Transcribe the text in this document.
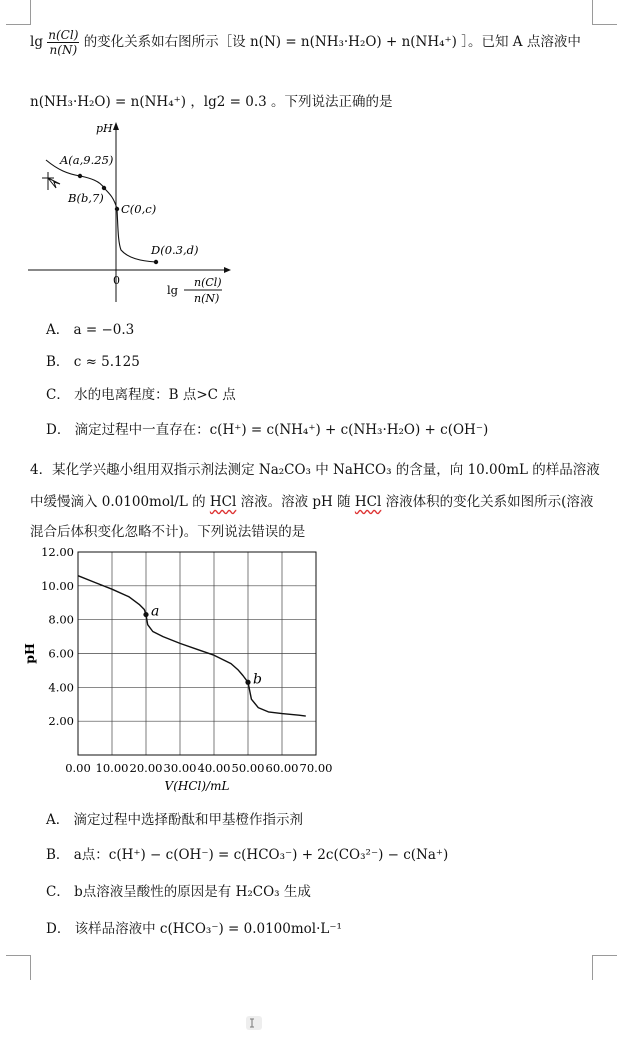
$\lg \frac{n(Cl)}{n(N)}$ 的变化关系如右图所示［设 n(N) = n(NH₃·H₂O) + n(NH₄⁺) ］。已知 A 点溶液中
n(NH₃·H₂O) = n(NH₄⁺) ，lg2 = 0.3 。下列说法正确的是
pH
0
A(a,9.25)
B(b,7)
C(0,c)
D(0.3,d)
lg
n(Cl)
n(N)
A． a = −0.3
B． c ≈ 5.125
C． 水的电离程度：B 点>C 点
D． 滴定过程中一直存在：c(H⁺) = c(NH₄⁺) + c(NH₃·H₂O) + c(OH⁻)
4．某化学兴趣小组用双指示剂法测定 Na₂CO₃ 中 NaHCO₃ 的含量，向 10.00mL 的样品溶液
中缓慢滴入 0.0100mol/L 的 HCl 溶液。溶液 pH 随 HCl 溶液体积的变化关系如图所示(溶液
混合后体积变化忽略不计)。下列说法错误的是
0.00 10.00 20.00 30.00 40.00 50.00 60.00 70.00
2.00
4.00
6.00
8.00
10.00
12.00
V(HCl)/mL
pH
a
b
A． 滴定过程中选择酚酞和甲基橙作指示剂
B． a点：c(H⁺) − c(OH⁻) = c(HCO₃⁻) + 2c(CO₃²⁻) − c(Na⁺)
C． b点溶液呈酸性的原因是有 H₂CO₃ 生成
D． 该样品溶液中 c(HCO₃⁻) = 0.0100mol·L⁻¹
